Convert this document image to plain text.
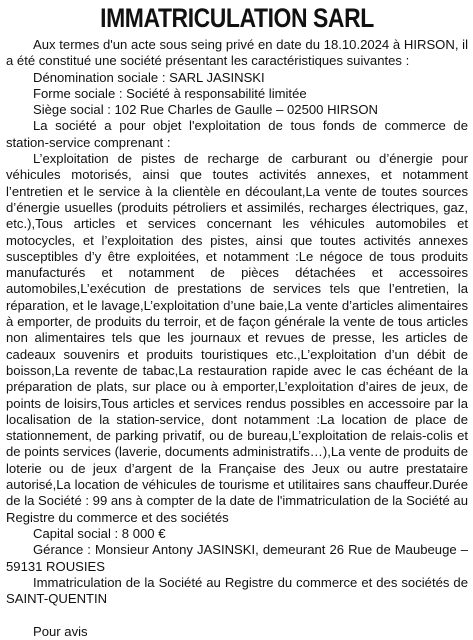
IMMATRICULATION SARL

Aux termes d'un acte sous seing privé en date du 18.10.2024 à HIRSON, il a été constitué une société présentant les caractéristiques suivantes :

Dénomination sociale : SARL JASINSKI

Forme sociale : Société à responsabilité limitée

Siège social : 102 Rue Charles de Gaulle – 02500 HIRSON

La société a pour objet l'exploitation de tous fonds de commerce de station-service comprenant :

L’exploitation de pistes de recharge de carburant ou d’énergie pour véhicules motorisés, ainsi que toutes activités annexes, et notamment l’entretien et le service à la clientèle en découlant,La vente de toutes sources d’énergie usuelles (produits pétroliers et assimilés, recharges électriques, gaz, etc.),Tous articles et services concernant les véhicules automobiles et motocycles, et l’exploitation des pistes, ainsi que toutes activités annexes susceptibles d’y être exploitées, et notamment :Le négoce de tous produits manufacturés et notamment de pièces détachées et accessoires automobiles,L’exécution de prestations de services tels que l’entretien, la réparation, et le lavage,L’exploitation d’une baie,La vente d’articles alimentaires à emporter, de produits du terroir, et de façon générale la vente de tous articles non alimentaires tels que les journaux et revues de presse, les articles de cadeaux souvenirs et produits touristiques etc.,L’exploitation d’un débit de boisson,La revente de tabac,La restauration rapide avec le cas échéant de la préparation de plats, sur place ou à emporter,L’exploitation d’aires de jeux, de points de loisirs,Tous articles et services rendus possibles en accessoire par la localisation de la station-service, dont notamment :La location de place de stationnement, de parking privatif, ou de bureau,L’exploitation de relais-colis et de points services (laverie, documents administratifs…),La vente de produits de loterie ou de jeux d’argent de la Française des Jeux ou autre prestataire autorisé,La location de véhicules de tourisme et utilitaires sans chauffeur.Durée de la Société : 99 ans à compter de la date de l'immatriculation de la Société au Registre du commerce et des sociétés

Capital social : 8 000 €

Gérance : Monsieur Antony JASINSKI, demeurant 26 Rue de Maubeuge – 59131 ROUSIES

Immatriculation de la Société au Registre du commerce et des sociétés de SAINT-QUENTIN

Pour avis
